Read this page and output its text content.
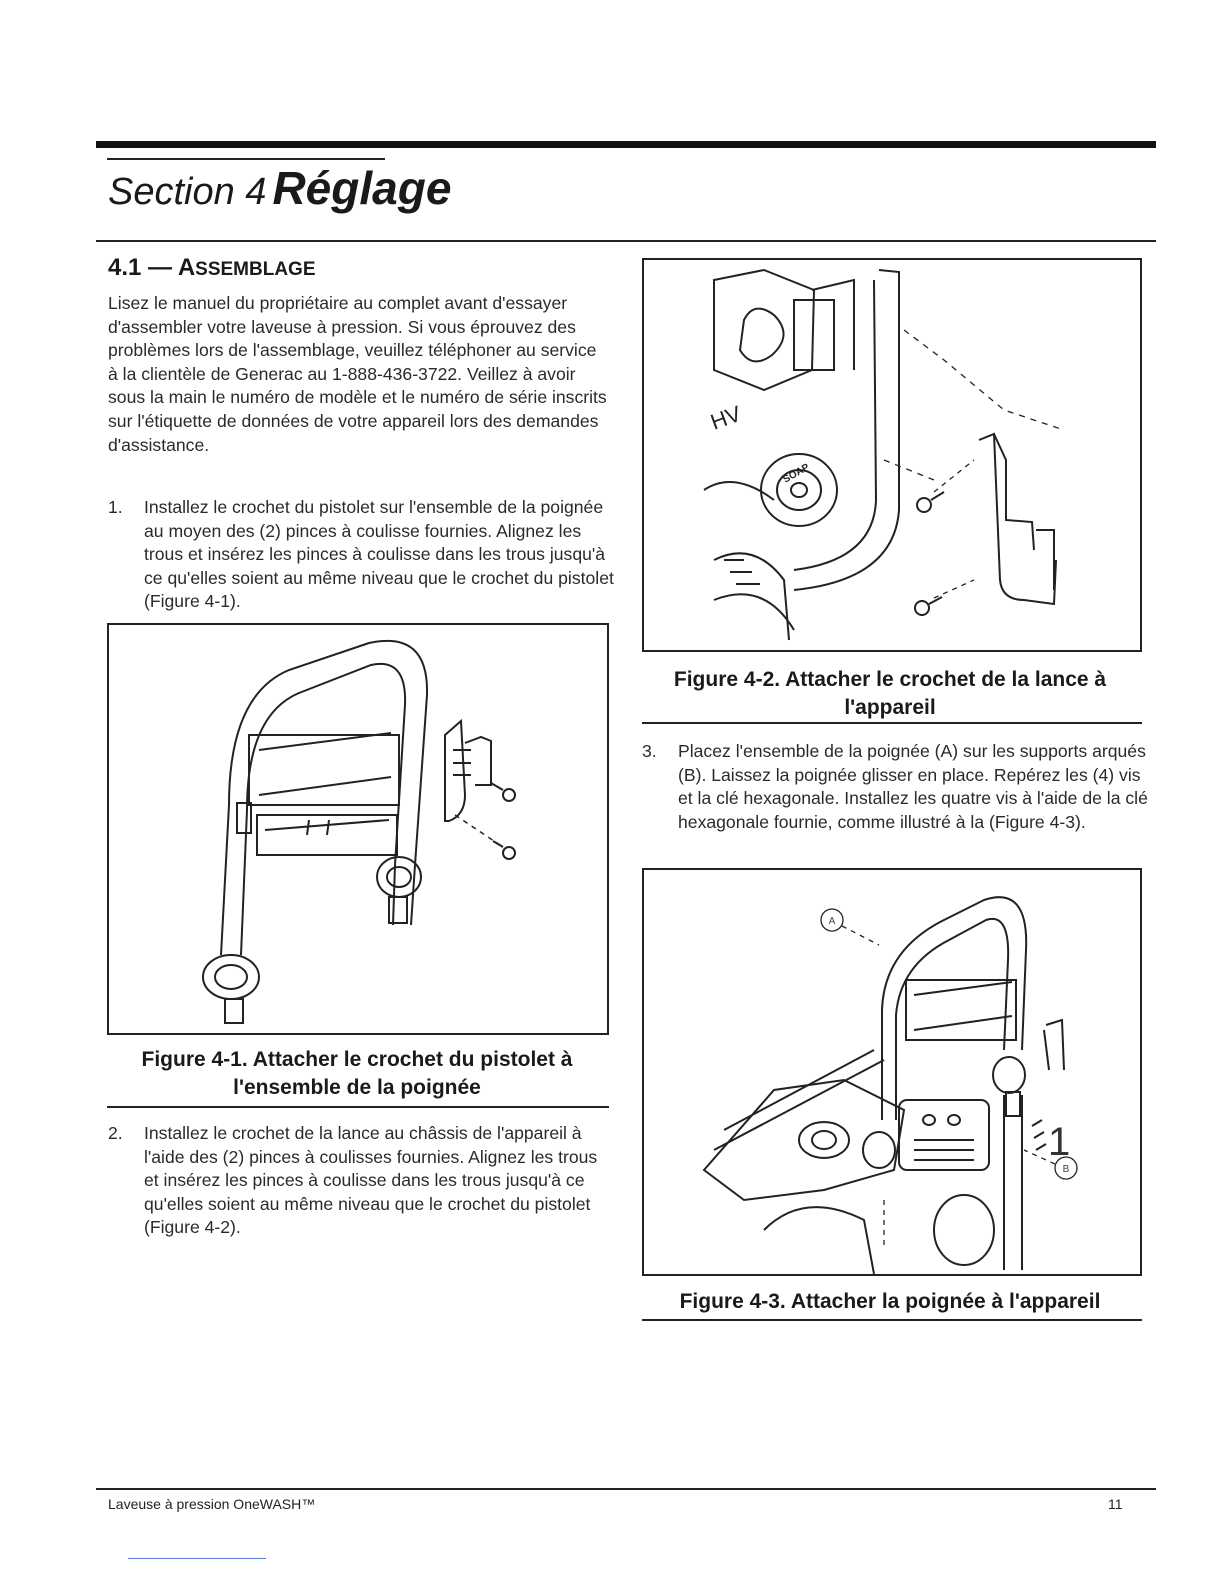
Section 4 Réglage
4.1 — ASSEMBLAGE
Lisez le manuel du propriétaire au complet avant d'essayer d'assembler votre laveuse à pression. Si vous éprouvez des problèmes lors de l'assemblage, veuillez téléphoner au service à la clientèle de Generac au 1-888-436-3722. Veillez à avoir sous la main le numéro de modèle et le numéro de série inscrits sur l'étiquette de données de votre appareil lors des demandes d'assistance.
1. Installez le crochet du pistolet sur l'ensemble de la poignée au moyen des (2) pinces à coulisse fournies. Alignez les trous et insérez les pinces à coulisse dans les trous jusqu'à ce qu'elles soient au même niveau que le crochet du pistolet (Figure 4-1).
Figure 4-1. Attacher le crochet du pistolet à l'ensemble de la poignée
2. Installez le crochet de la lance au châssis de l'appareil à l'aide des (2) pinces à coulisses fournies. Alignez les trous et insérez les pinces à coulisse dans les trous jusqu'à ce qu'elles soient au même niveau que le crochet du pistolet (Figure 4-2).
HV
SOAP
Figure 4-2. Attacher le crochet de la lance à l'appareil
3. Placez l'ensemble de la poignée (A) sur les supports arqués (B). Laissez la poignée glisser en place. Repérez les (4) vis et la clé hexagonale. Installez les quatre vis à l'aide de la clé hexagonale fournie, comme illustré à la (Figure 4-3).
A
B
1
Figure 4-3. Attacher la poignée à l'appareil
Laveuse à pression OneWASH™	11
